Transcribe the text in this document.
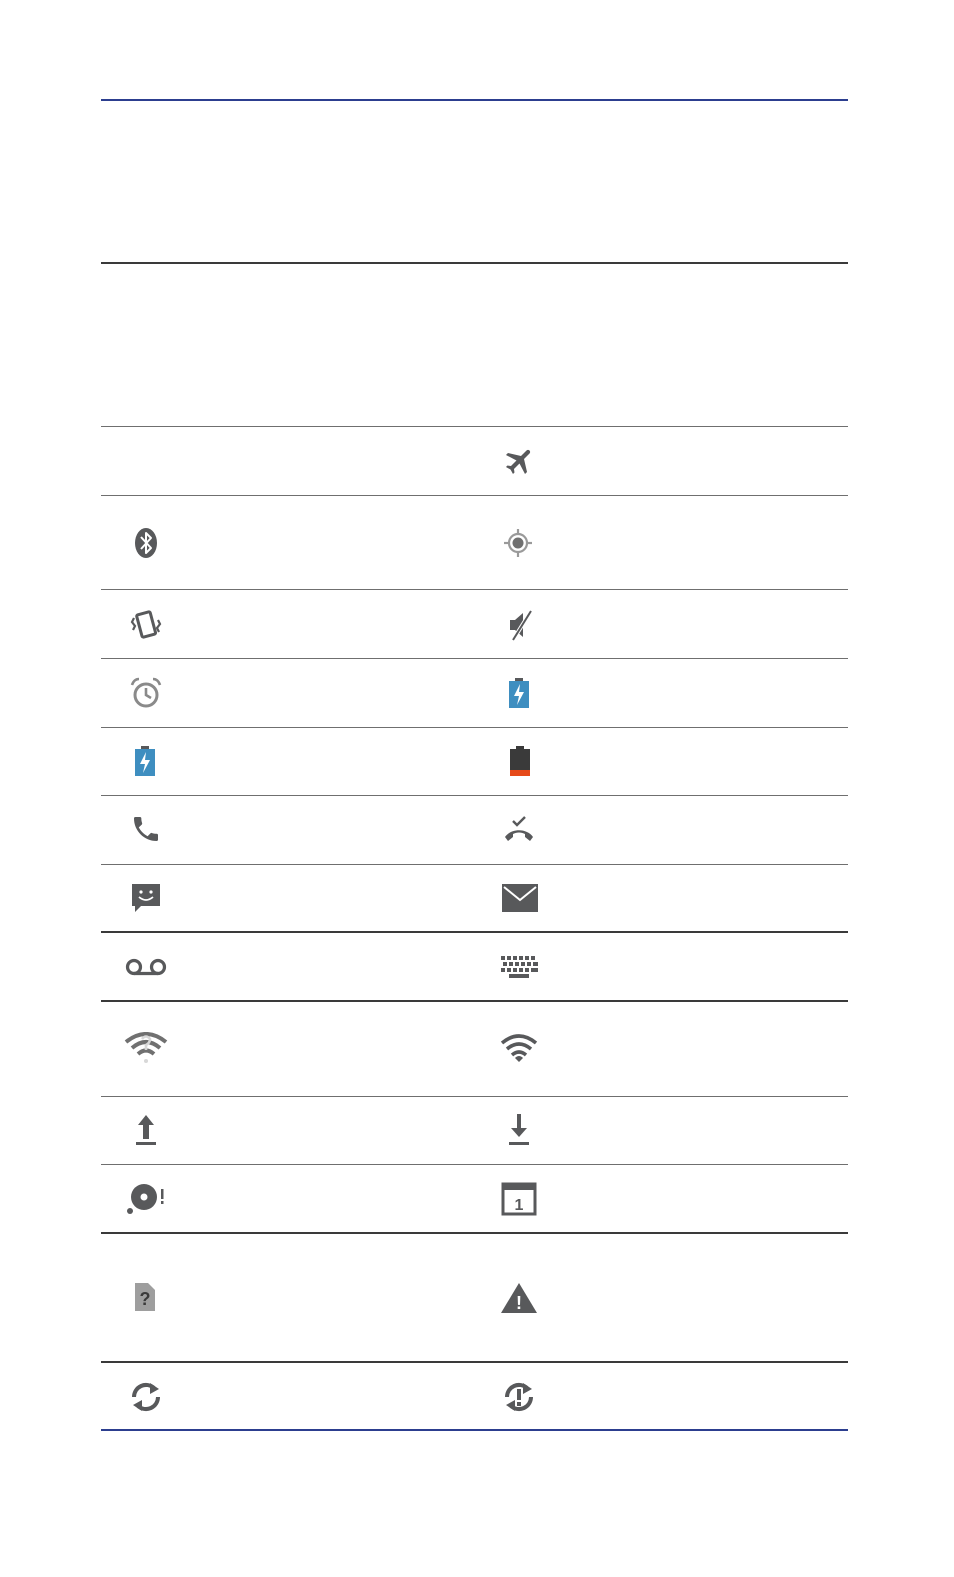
1
?	!
